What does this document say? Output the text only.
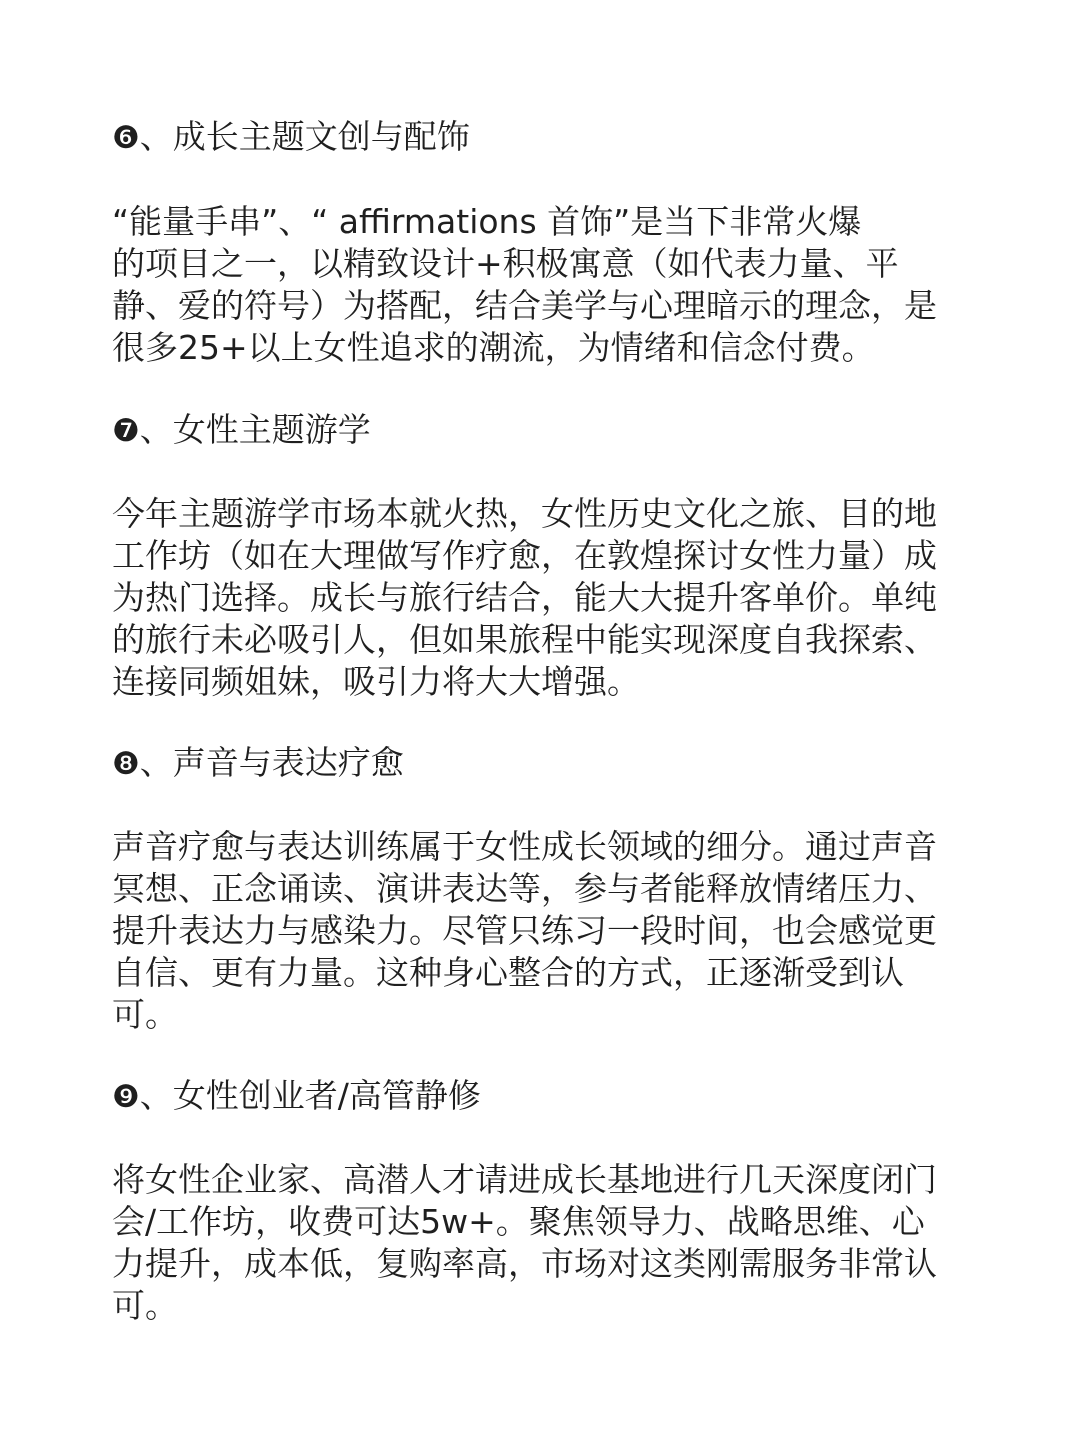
❻、成长主题文创与配饰
“能量手串”、“ affirmations 首饰”是当下非常火爆
的项目之一，以精致设计+积极寓意（如代表力量、平
静、爱的符号）为搭配，结合美学与心理暗示的理念，是
很多25+以上女性追求的潮流，为情绪和信念付费。
❼、女性主题游学
今年主题游学市场本就火热，女性历史文化之旅、目的地
工作坊（如在大理做写作疗愈，在敦煌探讨女性力量）成
为热门选择。成长与旅行结合，能大大提升客单价。单纯
的旅行未必吸引人，但如果旅程中能实现深度自我探索、
连接同频姐妹，吸引力将大大增强。
❽、声音与表达疗愈
声音疗愈与表达训练属于女性成长领域的细分。通过声音
冥想、正念诵读、演讲表达等，参与者能释放情绪压力、
提升表达力与感染力。尽管只练习一段时间，也会感觉更
自信、更有力量。这种身心整合的方式，正逐渐受到认
可。
❾、女性创业者/高管静修
将女性企业家、高潜人才请进成长基地进行几天深度闭门
会/工作坊，收费可达5w+。聚焦领导力、战略思维、心
力提升，成本低，复购率高，市场对这类刚需服务非常认
可。
